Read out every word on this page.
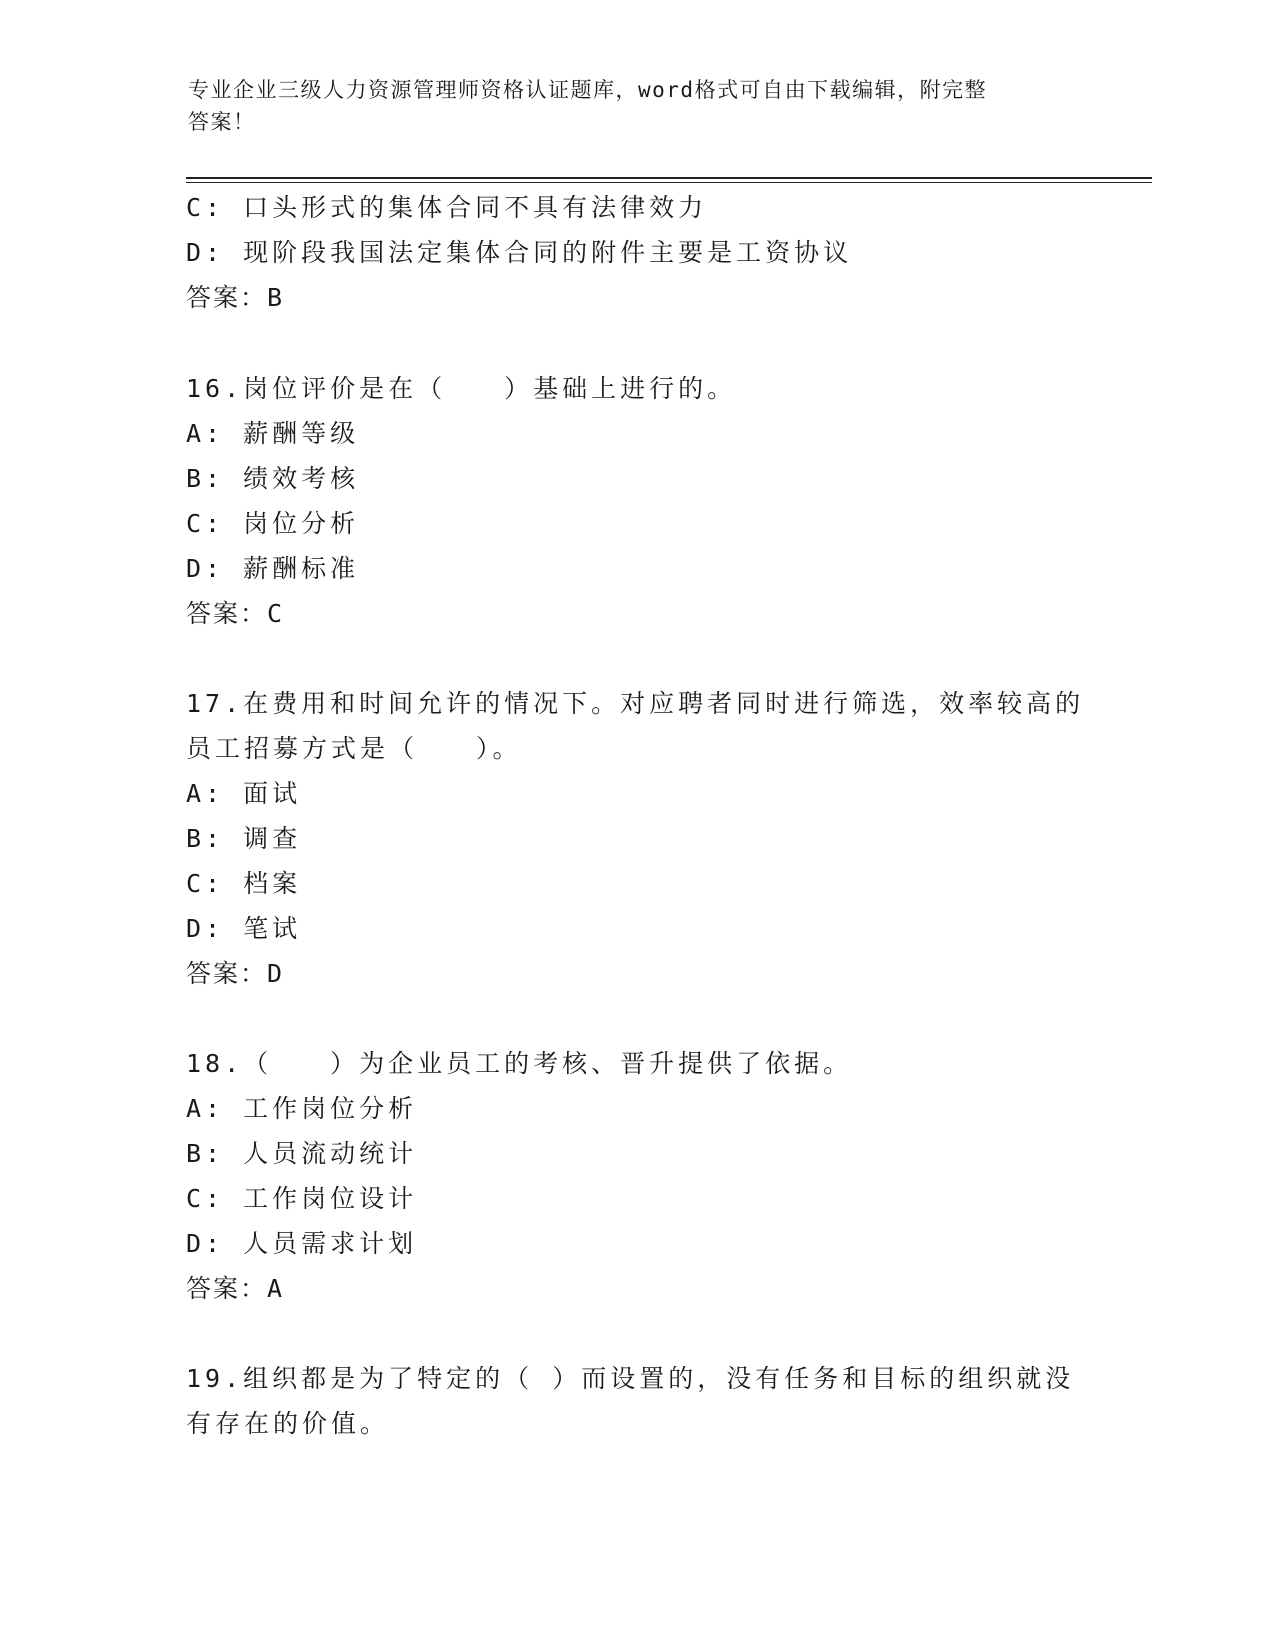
专业企业三级人力资源管理师资格认证题库，word格式可自由下载编辑，附完整
答案！
C: 口头形式的集体合同不具有法律效力
D: 现阶段我国法定集体合同的附件主要是工资协议
答案：B
16.岗位评价是在（　　）基础上进行的。
A: 薪酬等级
B: 绩效考核
C: 岗位分析
D: 薪酬标准
答案：C
17.在费用和时间允许的情况下。对应聘者同时进行筛选，效率较高的
员工招募方式是（　　）。
A: 面试
B: 调查
C: 档案
D: 笔试
答案：D
18.（　　）为企业员工的考核、晋升提供了依据。
A: 工作岗位分析
B: 人员流动统计
C: 工作岗位设计
D: 人员需求计划
答案：A
19.组织都是为了特定的（ ）而设置的，没有任务和目标的组织就没
有存在的价值。
